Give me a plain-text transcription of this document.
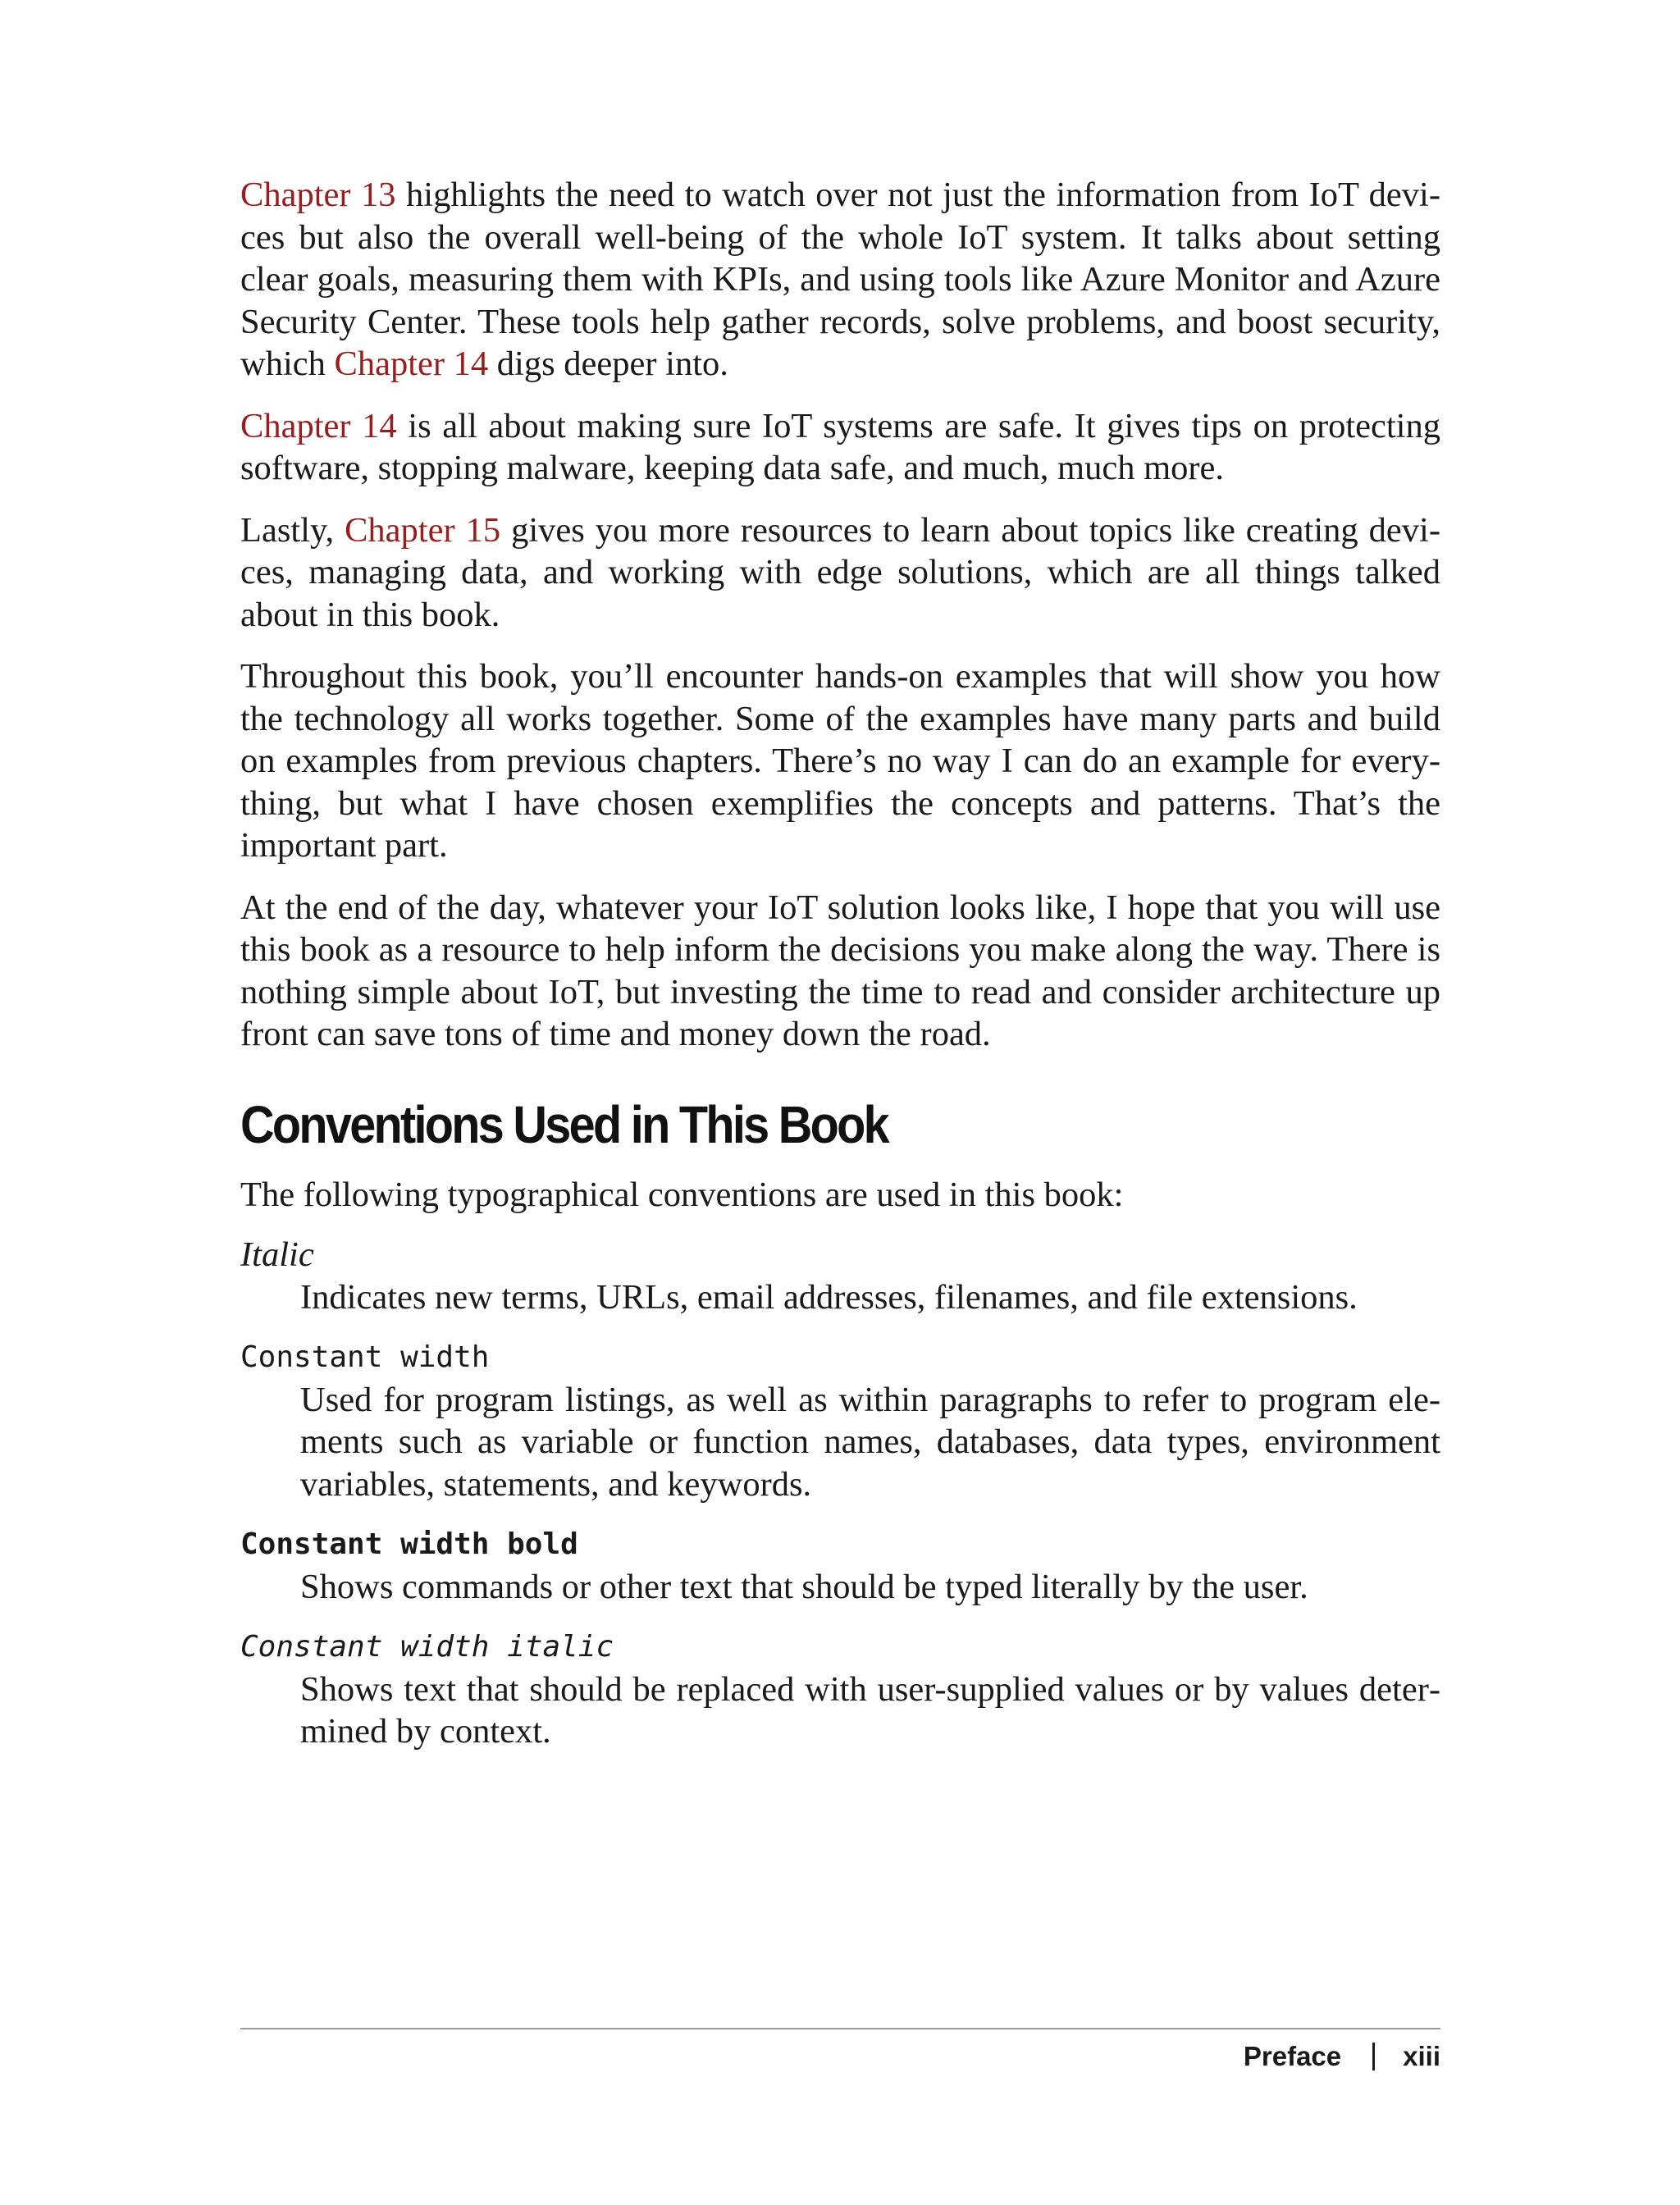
Chapter 13 highlights the need to watch over not just the information from IoT devices but also the overall well-being of the whole IoT system. It talks about setting clear goals, measuring them with KPIs, and using tools like Azure Monitor and Azure Security Center. These tools help gather records, solve problems, and boost security, which Chapter 14 digs deeper into.

Chapter 14 is all about making sure IoT systems are safe. It gives tips on protecting software, stopping malware, keeping data safe, and much, much more.

Lastly, Chapter 15 gives you more resources to learn about topics like creating devices, managing data, and working with edge solutions, which are all things talked about in this book.

Throughout this book, you’ll encounter hands-on examples that will show you how the technology all works together. Some of the examples have many parts and build on examples from previous chapters. There’s no way I can do an example for everything, but what I have chosen exemplifies the concepts and patterns. That’s the important part.

At the end of the day, whatever your IoT solution looks like, I hope that you will use this book as a resource to help inform the decisions you make along the way. There is nothing simple about IoT, but investing the time to read and consider architecture up front can save tons of time and money down the road.

Conventions Used in This Book

The following typographical conventions are used in this book:

Italic
Indicates new terms, URLs, email addresses, filenames, and file extensions.
Constant width
Used for program listings, as well as within paragraphs to refer to program elements such as variable or function names, databases, data types, environment variables, statements, and keywords.
Constant width bold
Shows commands or other text that should be typed literally by the user.
Constant width italic
Shows text that should be replaced with user-supplied values or by values determined by context.
Preface xiii
